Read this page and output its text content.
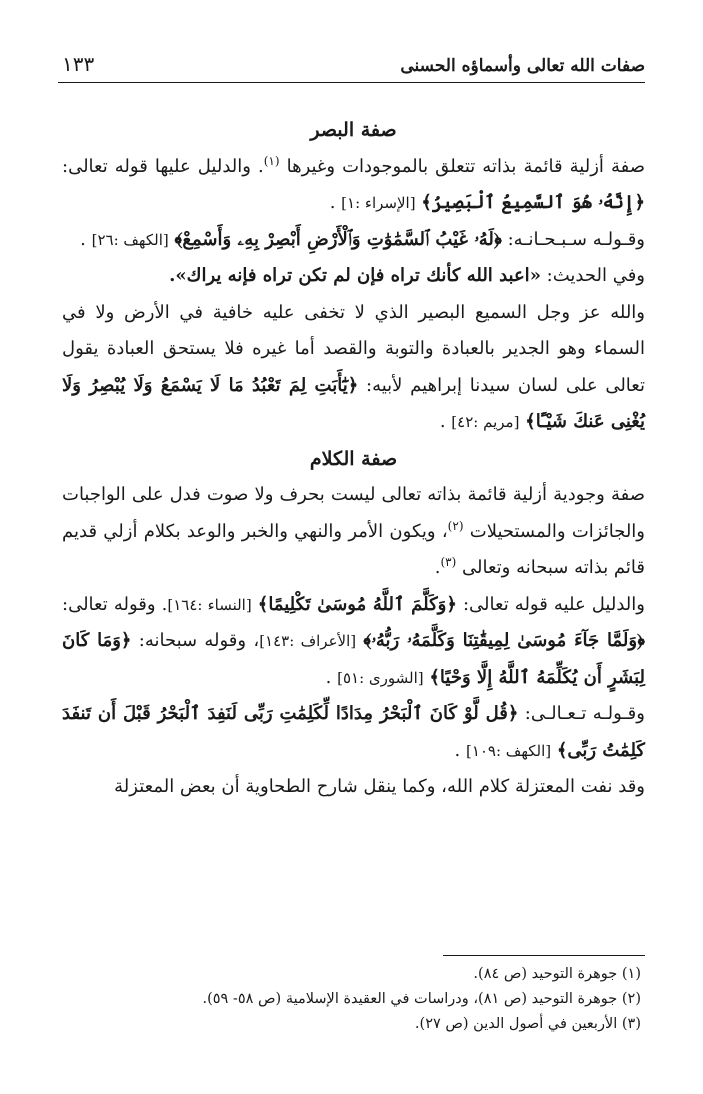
صفات الله تعالى وأسماؤه الحسنى
١٣٣

صفة البصر

صفة أزلية قائمة بذاته تتعلق بالموجودات وغيرها $^{(١)}$. والدليل عليها قوله تعالى: ﴿إِنَّهُۥ هُوَ ٱلسَّمِيعُ ٱلْبَصِيرُ﴾ [الإسراء :١] .

وقـولـه سـبـحـانـه: ﴿لَهُۥ غَيْبُ ٱلسَّمَٰوَٰتِ وَٱلْأَرْضِ أَبْصِرْ بِهِۦ وَأَسْمِعْ﴾ [الكهف :٢٦] .

وفي الحديث: «اعبد الله كأنك تراه فإن لم تكن تراه فإنه يراك».

والله عز وجل السميع البصير الذي لا تخفى عليه خافية في الأرض ولا في السماء وهو الجدير بالعبادة والتوبة والقصد أما غيره فلا يستحق العبادة يقول تعالى على لسان سيدنا إبراهيم لأبيه: ﴿يَٰٓأَبَتِ لِمَ تَعْبُدُ مَا لَا يَسْمَعُ وَلَا يُبْصِرُ وَلَا يُغْنِى عَنكَ شَيْـًٔا﴾ [مريم :٤٢] .

صفة الكلام

صفة وجودية أزلية قائمة بذاته تعالى ليست بحرف ولا صوت فدل على الواجبات والجائزات والمستحيلات $^{(٢)}$، ويكون الأمر والنهي والخبر والوعد بكلام أزلي قديم قائم بذاته سبحانه وتعالى $^{(٣)}$.

والدليل عليه قوله تعالى: ﴿وَكَلَّمَ ٱللَّهُ مُوسَىٰ تَكْلِيمًا﴾ [النساء :١٦٤]. وقوله تعالى: ﴿وَلَمَّا جَآءَ مُوسَىٰ لِمِيقَٰتِنَا وَكَلَّمَهُۥ رَبُّهُۥ﴾ [الأعراف :١٤٣]، وقوله سبحانه: ﴿وَمَا كَانَ لِبَشَرٍ أَن يُكَلِّمَهُ ٱللَّهُ إِلَّا وَحْيًا﴾ [الشورى :٥١] .

وقـولـه تـعـالـى: ﴿قُل لَّوْ كَانَ ٱلْبَحْرُ مِدَادًا لِّكَلِمَٰتِ رَبِّى لَنَفِدَ ٱلْبَحْرُ قَبْلَ أَن تَنفَدَ كَلِمَٰتُ رَبِّى﴾ [الكهف :١٠٩] .

وقد نفت المعتزلة كلام الله، وكما ينقل شارح الطحاوية أن بعض المعتزلة

(١) جوهرة التوحيد (ص ٨٤).
(٢) جوهرة التوحيد (ص ٨١)، ودراسات في العقيدة الإسلامية (ص ٥٨- ٥٩).
(٣) الأربعين في أصول الدين (ص ٢٧).
